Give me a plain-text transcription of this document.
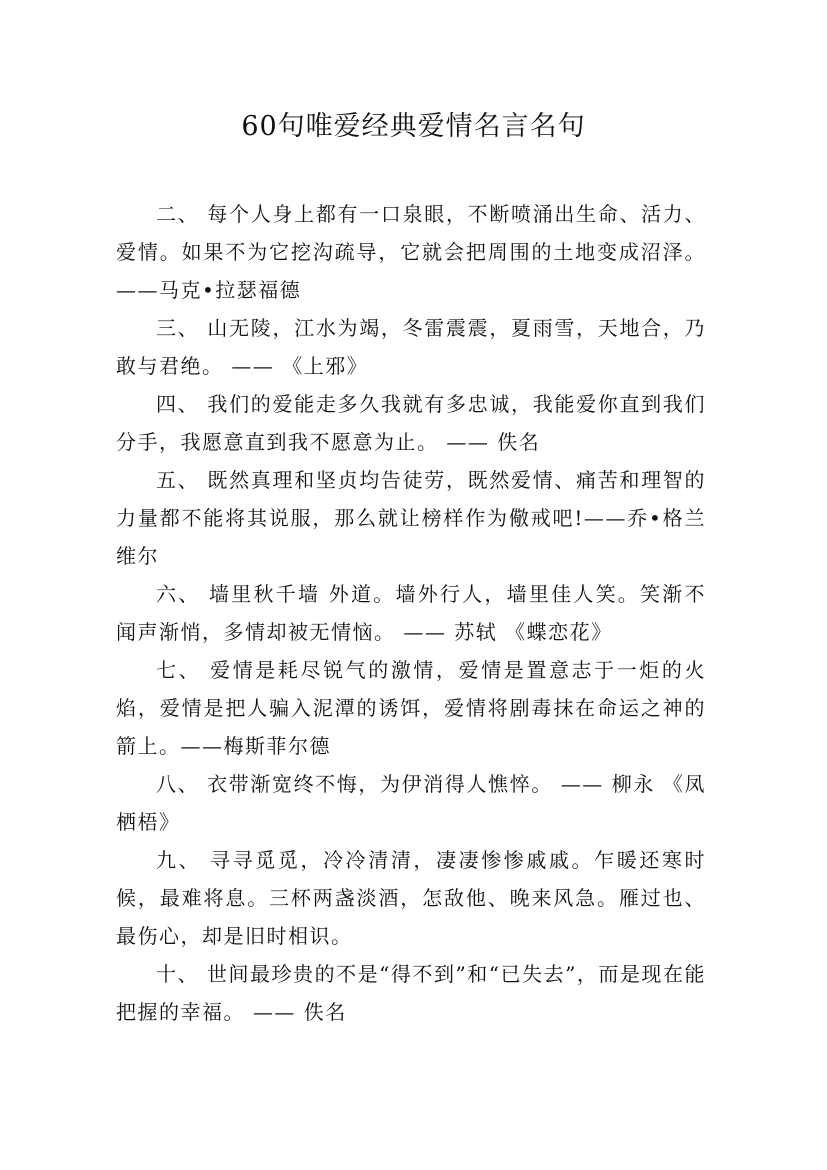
60句唯爱经典爱情名言名句

二、 每个人身上都有一口泉眼，不断喷涌出生命、活力、爱情。如果不为它挖沟疏导，它就会把周围的土地变成沼泽。——马克•拉瑟福德

三、 山无陵，江水为竭，冬雷震震，夏雨雪，天地合，乃敢与君绝。 —— 《上邪》

四、 我们的爱能走多久我就有多忠诚，我能爱你直到我们分手，我愿意直到我不愿意为止。 —— 佚名

五、 既然真理和坚贞均告徒劳，既然爱情、痛苦和理智的力量都不能将其说服，那么就让榜样作为儆戒吧!——乔•格兰维尔

六、 墙里秋千墙 外道。墙外行人，墙里佳人笑。笑渐不闻声渐悄，多情却被无情恼。 —— 苏轼 《蝶恋花》

七、 爱情是耗尽锐气的激情，爱情是置意志于一炬的火焰，爱情是把人骗入泥潭的诱饵，爱情将剧毒抹在命运之神的箭上。——梅斯菲尔德

八、 衣带渐宽终不悔，为伊消得人憔悴。 —— 柳永 《凤栖梧》

九、 寻寻觅觅，冷冷清清，凄凄惨惨戚戚。乍暖还寒时候，最难将息。三杯两盏淡酒，怎敌他、晚来风急。雁过也、最伤心，却是旧时相识。

十、 世间最珍贵的不是“得不到”和“已失去”，而是现在能把握的幸福。 —— 佚名
